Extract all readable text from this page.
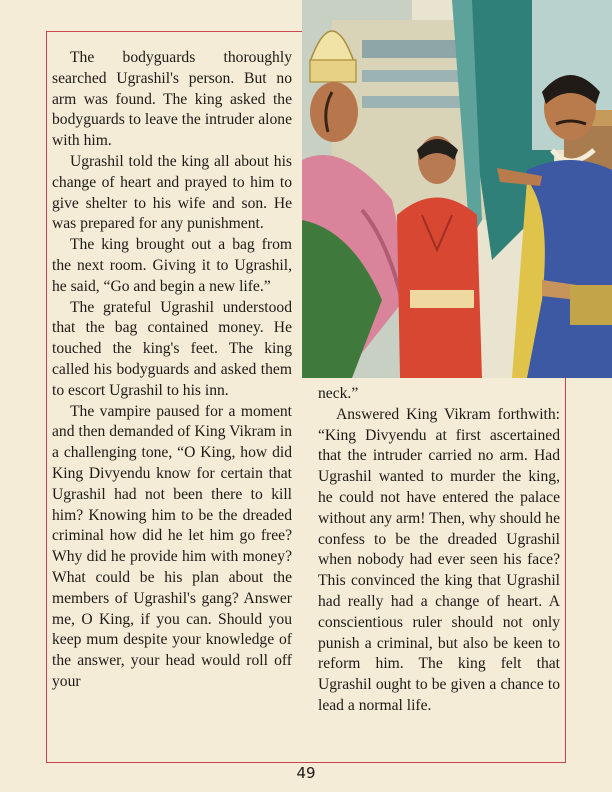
The bodyguards thoroughly searched Ugrashil's person. But no arm was found. The king asked the bodyguards to leave the intruder alone with him.

Ugrashil told the king all about his change of heart and prayed to him to give shelter to his wife and son. He was prepared for any punishment.

The king brought out a bag from the next room. Giving it to Ugrashil, he said, “Go and begin a new life.”

The grateful Ugrashil understood that the bag contained money. He touched the king's feet. The king called his bodyguards and asked them to escort Ugrashil to his inn.

The vampire paused for a moment and then demanded of King Vikram in a challenging tone, “O King, how did King Divyendu know for certain that Ugrashil had not been there to kill him? Knowing him to be the dreaded criminal how did he let him go free? Why did he provide him with money? What could be his plan about the members of Ugrashil's gang? Answer me, O King, if you can. Should you keep mum despite your knowledge of the answer, your head would roll off your

neck.”

Answered King Vikram forthwith: “King Divyendu at first ascertained that the intruder carried no arm. Had Ugrashil wanted to murder the king, he could not have entered the palace without any arm! Then, why should he confess to be the dreaded Ugrashil when nobody had ever seen his face? This convinced the king that Ugrashil had really had a change of heart. A conscientious ruler should not only punish a criminal, but also be keen to reform him. The king felt that Ugrashil ought to be given a chance to lead a normal life.

49
